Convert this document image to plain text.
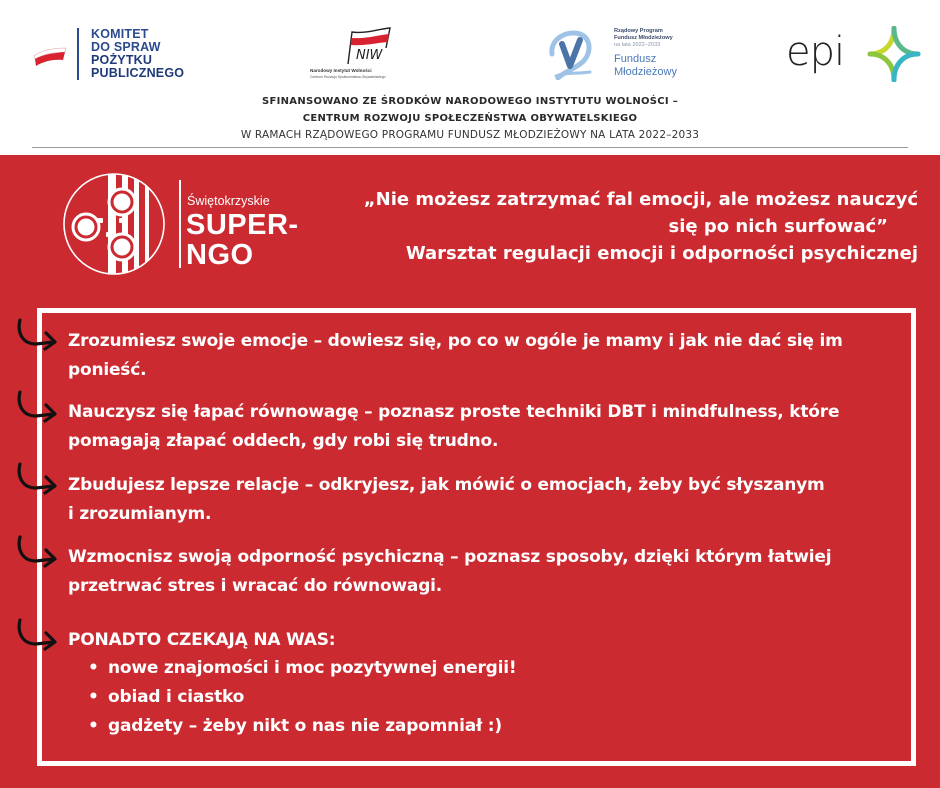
KOMITET
DO SPRAW
POŻYTKU
PUBLICZNEGO
NIW
Narodowy Instytut Wolności
Centrum Rozwoju Społeczeństwa Obywatelskiego
Rządowy Program
Fundusz Młodzieżowy
na lata 2022–2033
Fundusz
Młodzieżowy	epi
SFINANSOWANO ZE ŚRODKÓW NARODOWEGO INSTYTUTU WOLNOŚCI –
CENTRUM ROZWOJU SPOŁECZEŃSTWA OBYWATELSKIEGO
W RAMACH RZĄDOWEGO PROGRAMU FUNDUSZ MŁODZIEŻOWY NA LATA 2022–2033
Świętokrzyskie
SUPER-
NGO
„Nie możesz zatrzymać fal emocji, ale możesz nauczyć
się po nich surfować”
Warsztat regulacji emocji i odporności psychicznej
Zrozumiesz swoje emocje – dowiesz się, po co w ogóle je mamy i jak nie dać się im
ponieść.
Nauczysz się łapać równowagę – poznasz proste techniki DBT i mindfulness, które
pomagają złapać oddech, gdy robi się trudno.
Zbudujesz lepsze relacje – odkryjesz, jak mówić o emocjach, żeby być słyszanym
i zrozumianym.
Wzmocnisz swoją odporność psychiczną – poznasz sposoby, dzięki którym łatwiej
przetrwać stres i wracać do równowagi.
PONADTO CZEKAJĄ NA WAS:
• nowe znajomości i moc pozytywnej energii!
• obiad i ciastko
• gadżety – żeby nikt o nas nie zapomniał :)
